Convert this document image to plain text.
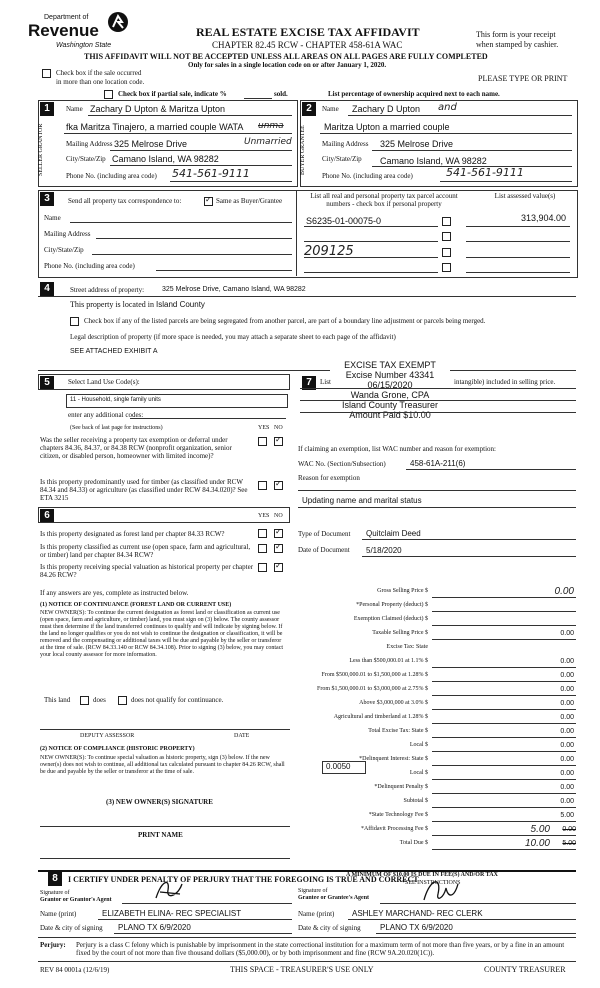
Department of
Revenue
Washington State
REAL ESTATE EXCISE TAX AFFIDAVIT
CHAPTER 82.45 RCW - CHAPTER 458-61A WAC
THIS AFFIDAVIT WILL NOT BE ACCEPTED UNLESS ALL AREAS ON ALL PAGES ARE FULLY COMPLETED
Only for sales in a single location code on or after January 1, 2020.
This form is your receipt
when stamped by cashier.
Check box if the sale occurred
in more than one location code.	PLEASE TYPE OR PRINT
Check box if partial sale, indicate %	sold.	List percentage of ownership acquired next to each name.
1
SELLER GRANTOR
Name Zachary D Upton & Maritza Upton
fka Maritza Tinajero, a married couple WATA unma
Mailing Address 325 Melrose Drive	Unmarried
City/State/Zip Camano Island, WA 98282
Phone No. (including area code) 541-561-9111
2
BUYER GRANTEE
Name Zachary D Upton and
Maritza Upton a married couple
Mailing Address 325 Melrose Drive
City/State/Zip Camano Island, WA 98282
Phone No. (including area code)	541-561-9111
3	Send all property tax correspondence to: ✓	Same as Buyer/Grantee
Name
Mailing Address
City/State/Zip
Phone No. (including area code)
List all real and personal property tax parcel account numbers - check box if personal property
List assessed value(s)
S6235-01-00075-0	313,904.00
209125
4	Street address of property:	325 Melrose Drive, Camano Island, WA 98282
This property is located in Island County
Check box if any of the listed parcels are being segregated from another parcel, are part of a boundary line adjustment or parcels being merged.
Legal description of property (if more space is needed, you may attach a separate sheet to each page of the affidavit)
SEE ATTACHED EXHIBIT A
EXCISE TAX EXEMPT
Excise Number 43341
06/15/2020
Wanda Grone, CPA
Island County Treasurer
Amount Paid $10.00
5	Select Land Use Code(s):
11 - Household, single family units
enter any additional codes:
(See back of last page for instructions)	YES NO
Was the seller receiving a property tax exemption or deferral under chapters 84.36, 84.37, or 84.38 RCW (nonprofit organization, senior citizen, or disabled person, homeowner with limited income)?
✓
Is this property predominantly used for timber (as classified under RCW 84.34 and 84.33) or agriculture (as classified under RCW 84.34.020)? See ETA 3215
✓
6	YES NO
Is this property designated as forest land per chapter 84.33 RCW?
✓
Is this property classified as current use (open space, farm and agricultural, or timber) land per chapter 84.34 RCW?
✓
Is this property receiving special valuation as historical property per chapter 84.26 RCW?
✓
If any answers are yes, complete as instructed below.
(1) NOTICE OF CONTINUANCE (FOREST LAND OR CURRENT USE)
NEW OWNER(S): To continue the current designation as forest land or classification as current use (open space, farm and agriculture, or timber) land, you must sign on (3) below. The county assessor must then determine if the land transferred continues to qualify and will indicate by signing below. If the land no longer qualifies or you do not wish to continue the designation or classification, it will be removed and the compensating or additional taxes will be due and payable by the seller or transferor at the time of sale. (RCW 84.33.140 or RCW 84.34.108). Prior to signing (3) below, you may contact your local county assessor for more information.
This land	does	does not qualify for continuance.
DEPUTY ASSESSOR	DATE
(2) NOTICE OF COMPLIANCE (HISTORIC PROPERTY)
NEW OWNER(S): To continue special valuation as historic property, sign (3) below. If the new owner(s) does not wish to continue, all additional tax calculated pursuant to chapter 84.26 RCW, shall be due and payable by the seller or transferor at the time of sale.
(3) NEW OWNER(S) SIGNATURE
PRINT NAME
7	List	intangible) included in selling price.
If claiming an exemption, list WAC number and reason for exemption:
WAC No. (Section/Subsection)	458-61A-211(6)
Reason for exemption
Updating name and marital status
Type of Document Quitclaim Deed
Date of Document 5/18/2020
Gross Selling Price $	0.00
*Personal Property (deduct) $
Exemption Claimed (deduct) $
Taxable Selling Price $	0.00
Excise Tax: State
Less than $500,000.01 at 1.1% $	0.00
From $500,000.01 to $1,500,000 at 1.28% $	0.00
From $1,500,000.01 to $3,000,000 at 2.75% $	0.00
Above $3,000,000 at 3.0% $	0.00
Agricultural and timberland at 1.28% $	0.00
Total Excise Tax: State $	0.00
Local $	0.00
*Delinquent Interest: State $	0.00
Local $	0.00
*Delinquent Penalty $	0.00
Subtotal $	0.00
*State Technology Fee $	5.00
*Affidavit Processing Fee $	5.00	0.00
Total Due $	10.00	5.00
0.0050
A MINIMUM OF $10.00 IS DUE IN FEE(S) AND/OR TAX
*SEE INSTRUCTIONS
8	I CERTIFY UNDER PENALTY OF PERJURY THAT THE FOREGOING IS TRUE AND CORRECT
Signature of
Grantor or Grantor's Agent
Signature of
Grantee or Grantee's Agent
Name (print)	ELIZABETH ELINA- REC SPECIALIST	Name (print) ASHLEY MARCHAND- REC CLERK
Date & city of signing PLANO TX 6/9/2020	Date & city of signing PLANO TX 6/9/2020
Perjury: Perjury is a class C felony which is punishable by imprisonment in the state correctional institution for a maximum term of not more than five years, or by a fine in an amount fixed by the court of not more than five thousand dollars ($5,000.00), or by both imprisonment and fine (RCW 9A.20.020(1C)).
REV 84 0001a (12/6/19)	THIS SPACE - TREASURER'S USE ONLY	COUNTY TREASURER
